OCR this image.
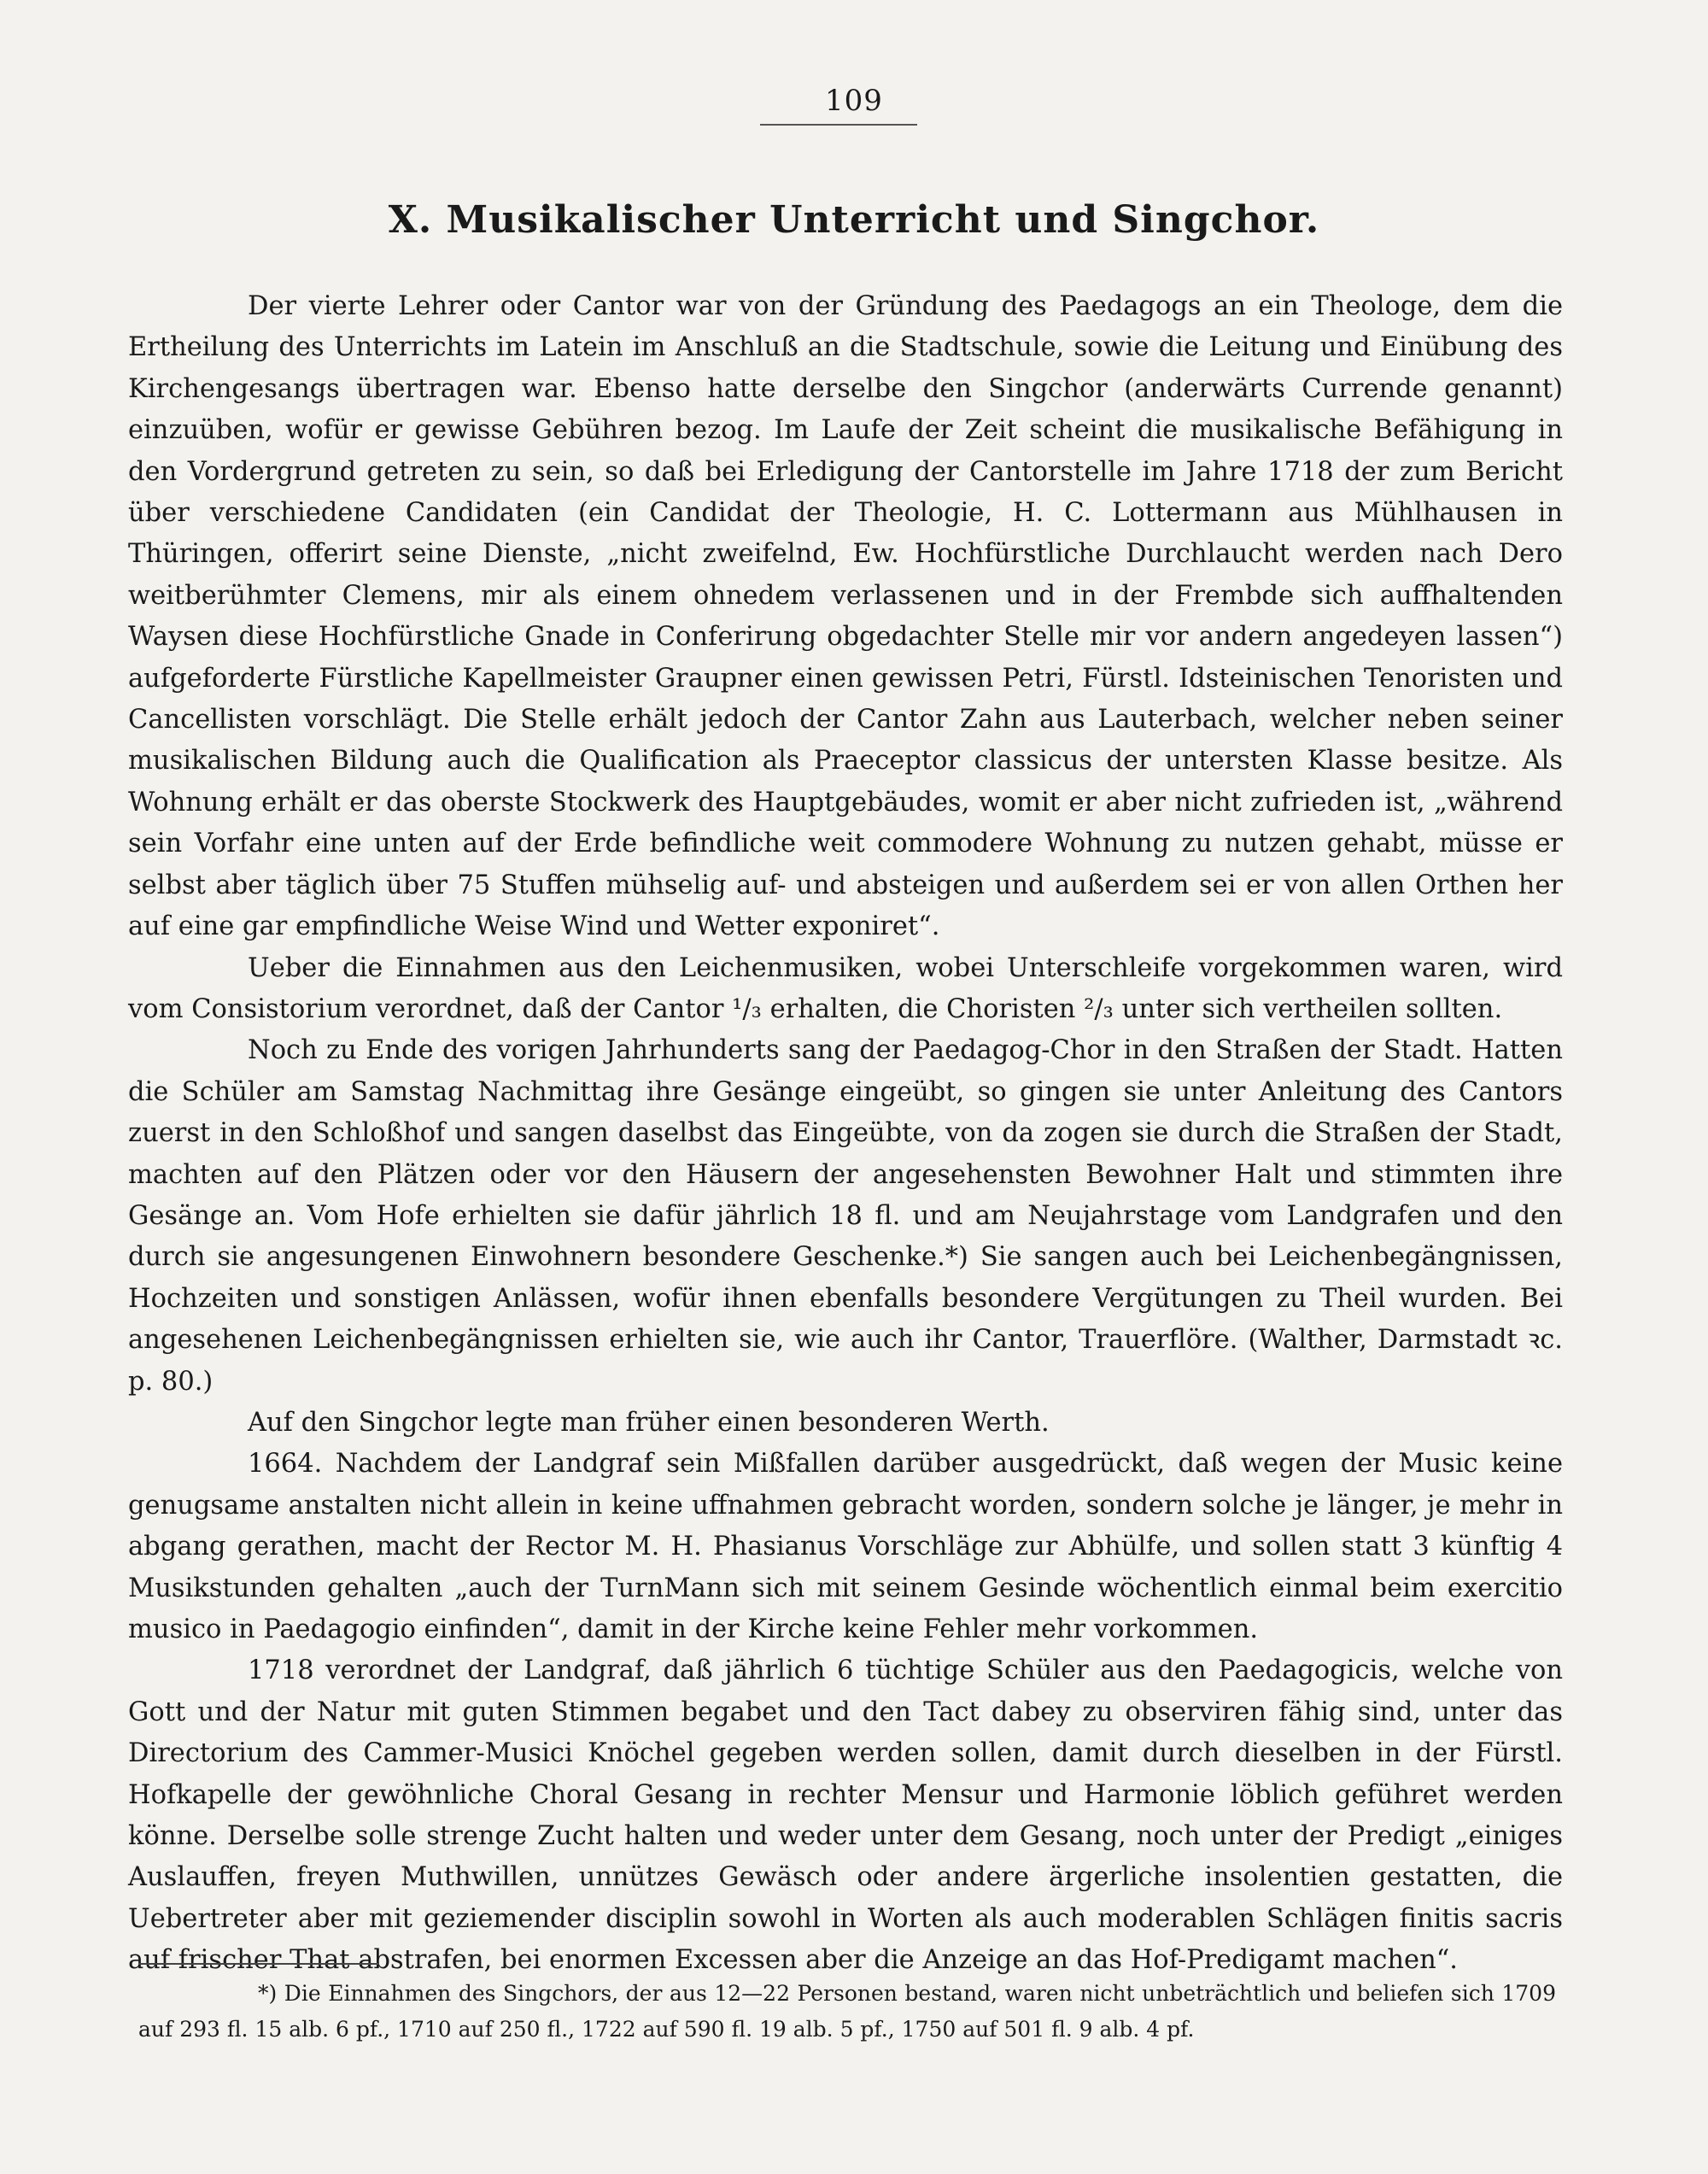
109
X. Musikalischer Unterricht und Singchor.

Der vierte Lehrer oder Cantor war von der Gründung des Paedagogs an ein Theologe, dem die Ertheilung des Unterrichts im Latein im Anschluß an die Stadtschule, sowie die Leitung und Einübung des Kirchengesangs übertragen war. Ebenso hatte derselbe den Singchor (anderwärts Currende genannt) einzuüben, wofür er gewisse Gebühren bezog. Im Laufe der Zeit scheint die musikalische Befähigung in den Vordergrund getreten zu sein, so daß bei Erledigung der Cantorstelle im Jahre 1718 der zum Bericht über verschiedene Candidaten (ein Candidat der Theologie, H. C. Lottermann aus Mühlhausen in Thüringen, offerirt seine Dienste, „nicht zweifelnd, Ew. Hochfürstliche Durchlaucht werden nach Dero weitberühmter Clemens, mir als einem ohnedem verlassenen und in der Frembde sich auffhaltenden Waysen diese Hochfürstliche Gnade in Conferirung obgedachter Stelle mir vor andern angedeyen lassen“) aufgeforderte Fürstliche Kapellmeister Graupner einen gewissen Petri, Fürstl. Idsteinischen Tenoristen und Cancellisten vorschlägt. Die Stelle erhält jedoch der Cantor Zahn aus Lauterbach, welcher neben seiner musikalischen Bildung auch die Qualification als Praeceptor classicus der untersten Klasse besitze. Als Wohnung erhält er das oberste Stockwerk des Hauptgebäudes, womit er aber nicht zufrieden ist, „während sein Vorfahr eine unten auf der Erde befindliche weit commodere Wohnung zu nutzen gehabt, müsse er selbst aber täglich über 75 Stuffen mühselig auf- und absteigen und außerdem sei er von allen Orthen her auf eine gar empfindliche Weise Wind und Wetter exponiret“.

Ueber die Einnahmen aus den Leichenmusiken, wobei Unterschleife vorgekommen waren, wird vom Consistorium verordnet, daß der Cantor ¹/₃ erhalten, die Choristen ²/₃ unter sich vertheilen sollten.

Noch zu Ende des vorigen Jahrhunderts sang der Paedagog-Chor in den Straßen der Stadt. Hatten die Schüler am Samstag Nachmittag ihre Gesänge eingeübt, so gingen sie unter Anleitung des Cantors zuerst in den Schloßhof und sangen daselbst das Eingeübte, von da zogen sie durch die Straßen der Stadt, machten auf den Plätzen oder vor den Häusern der angesehensten Bewohner Halt und stimmten ihre Gesänge an. Vom Hofe erhielten sie dafür jährlich 18 fl. und am Neujahrstage vom Landgrafen und den durch sie angesungenen Einwohnern besondere Geschenke.*) Sie sangen auch bei Leichenbegängnissen, Hochzeiten und sonstigen Anlässen, wofür ihnen ebenfalls besondere Vergütungen zu Theil wurden. Bei angesehenen Leichenbegängnissen erhielten sie, wie auch ihr Cantor, Trauerflöre. (Walther, Darmstadt ꝛc. p. 80.)

Auf den Singchor legte man früher einen besonderen Werth.

1664. Nachdem der Landgraf sein Mißfallen darüber ausgedrückt, daß wegen der Music keine genugsame anstalten nicht allein in keine uffnahmen gebracht worden, sondern solche je länger, je mehr in abgang gerathen, macht der Rector M. H. Phasianus Vorschläge zur Abhülfe, und sollen statt 3 künftig 4 Musikstunden gehalten „auch der TurnMann sich mit seinem Gesinde wöchentlich einmal beim exercitio musico in Paedagogio einfinden“, damit in der Kirche keine Fehler mehr vorkommen.

1718 verordnet der Landgraf, daß jährlich 6 tüchtige Schüler aus den Paedagogicis, welche von Gott und der Natur mit guten Stimmen begabet und den Tact dabey zu observiren fähig sind, unter das Directorium des Cammer-Musici Knöchel gegeben werden sollen, damit durch dieselben in der Fürstl. Hofkapelle der gewöhnliche Choral Gesang in rechter Mensur und Harmonie löblich geführet werden könne. Derselbe solle strenge Zucht halten und weder unter dem Gesang, noch unter der Predigt „einiges Auslauffen, freyen Muthwillen, unnützes Gewäsch oder andere ärgerliche insolentien gestatten, die Uebertreter aber mit geziemender disciplin sowohl in Worten als auch moderablen Schlägen finitis sacris auf frischer That abstrafen, bei enormen Excessen aber die Anzeige an das Hof-Predigamt machen“.

*) Die Einnahmen des Singchors, der aus 12—22 Personen bestand, waren nicht unbeträchtlich und beliefen sich 1709 auf 293 fl. 15 alb. 6 pf., 1710 auf 250 fl., 1722 auf 590 fl. 19 alb. 5 pf., 1750 auf 501 fl. 9 alb. 4 pf.
